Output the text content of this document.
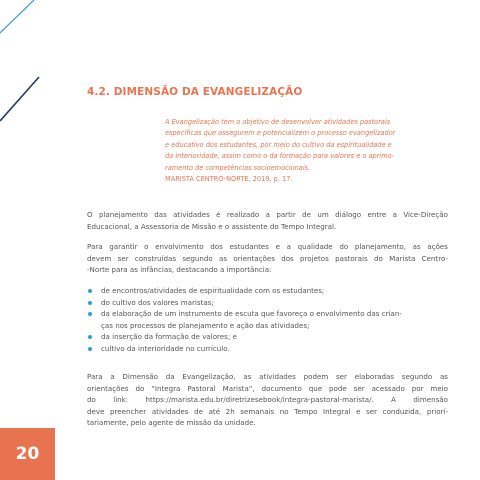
4.2. DIMENSÃO DA EVANGELIZAÇÃO
A Evangelização tem o objetivo de desenvolver atividades pastorais
específicas que assegurem e potencializem o processo evangelizador
e educativo dos estudantes, por meio do cultivo da espiritualidade e
da interioridade, assim como o da formação para valores e o aprimo-
ramento de competências socioemocionais.
MARISTA CENTRO-NORTE, 2019, p. 17.
O planejamento das atividades é realizado a partir de um diálogo entre a Vice-Direção
Educacional, a Assessoria de Missão e o assistente do Tempo Integral.
Para garantir o envolvimento dos estudantes e a qualidade do planejamento, as ações
devem ser construídas segundo as orientações dos projetos pastorais do Marista Centro-
-Norte para as infâncias, destacando a importância:
de encontros/atividades de espiritualidade com os estudantes;
do cultivo dos valores maristas;
da elaboração de um instrumento de escuta que favoreça o envolvimento das crian-
ças nos processos de planejamento e ação das atividades;
da inserção da formação de valores; e
cultivo da interioridade no currículo.
Para a Dimensão da Evangelização, as atividades podem ser elaboradas segundo as
orientações do “Integra Pastoral Marista”, documento que pode ser acessado por meio
do link: https://marista.edu.br/diretrizesebook/integra-pastoral-marista/. A dimensão
deve preencher atividades de até 2h semanais no Tempo Integral e ser conduzida, priori-
tariamente, pelo agente de missão da unidade.
20
